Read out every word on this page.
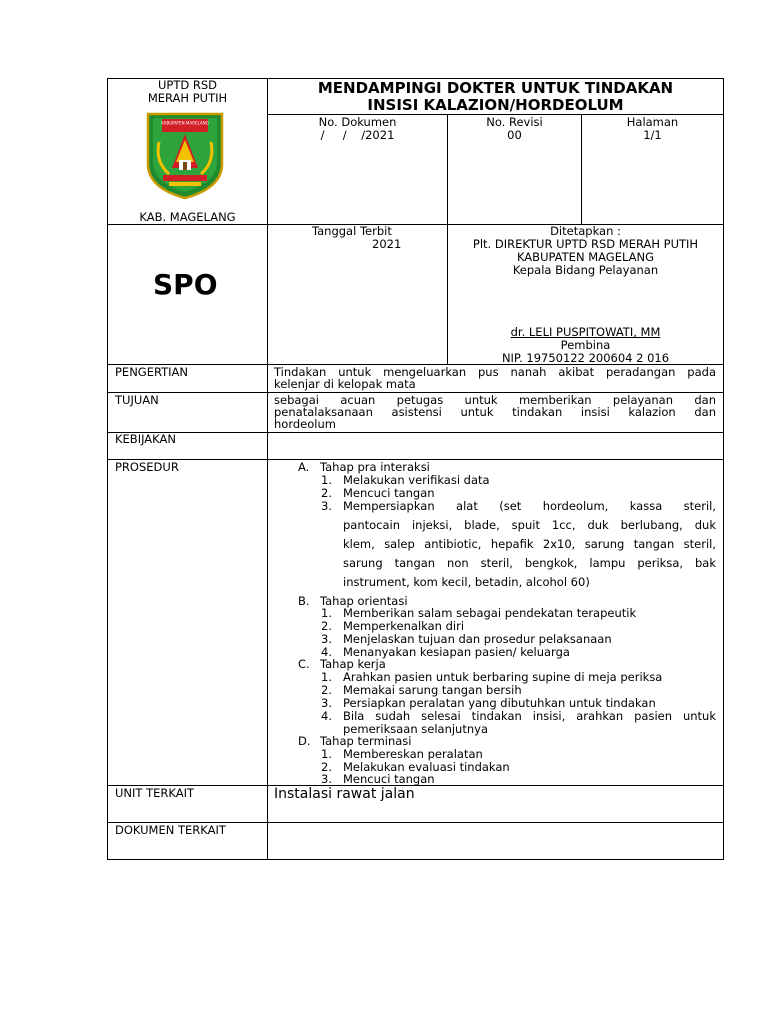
UPTD RSD
MERAH PUTIH
KABUPATEN MAGELANG
KAB. MAGELANG
MENDAMPINGI DOKTER UNTUK TINDAKAN
INSISI KALAZION/HORDEOLUM
No. Dokumen
/     /    /2021
No. Revisi
00
Halaman
1/1
SPO
Tanggal Terbit
2021
Ditetapkan :
Plt. DIREKTUR UPTD RSD MERAH PUTIH
KABUPATEN MAGELANG
Kepala Bidang Pelayanan
dr. LELI PUSPITOWATI, MM
Pembina
NIP. 19750122 200604 2 016
PENGERTIAN	Tindakan untuk mengeluarkan pus nanah akibat peradangan pada
kelenjar di kelopak mata
TUJUAN	sebagai acuan petugas untuk memberikan pelayanan dan
penatalaksanaan asistensi untuk tindakan insisi kalazion dan
hordeolum
KEBIJAKAN
PROSEDUR	A. Tahap pra interaksi
1. Melakukan verifikasi data
2. Mencuci tangan
3. Mempersiapkan alat (set hordeolum, kassa steril,
pantocain injeksi, blade, spuit 1cc, duk berlubang, duk
klem, salep antibiotic, hepafik 2x10, sarung tangan steril,
sarung tangan non steril, bengkok, lampu periksa, bak
instrument, kom kecil, betadin, alcohol 60)
B. Tahap orientasi
1. Memberikan salam sebagai pendekatan terapeutik
2. Memperkenalkan diri
3. Menjelaskan tujuan dan prosedur pelaksanaan
4. Menanyakan kesiapan pasien/ keluarga
C. Tahap kerja
1. Arahkan pasien untuk berbaring supine di meja periksa
2. Memakai sarung tangan bersih
3. Persiapkan peralatan yang dibutuhkan untuk tindakan
4. Bila sudah selesai tindakan insisi, arahkan pasien untuk
pemeriksaan selanjutnya
D. Tahap terminasi
1. Membereskan peralatan
2. Melakukan evaluasi tindakan
3. Mencuci tangan
UNIT TERKAIT	Instalasi rawat jalan
DOKUMEN TERKAIT
